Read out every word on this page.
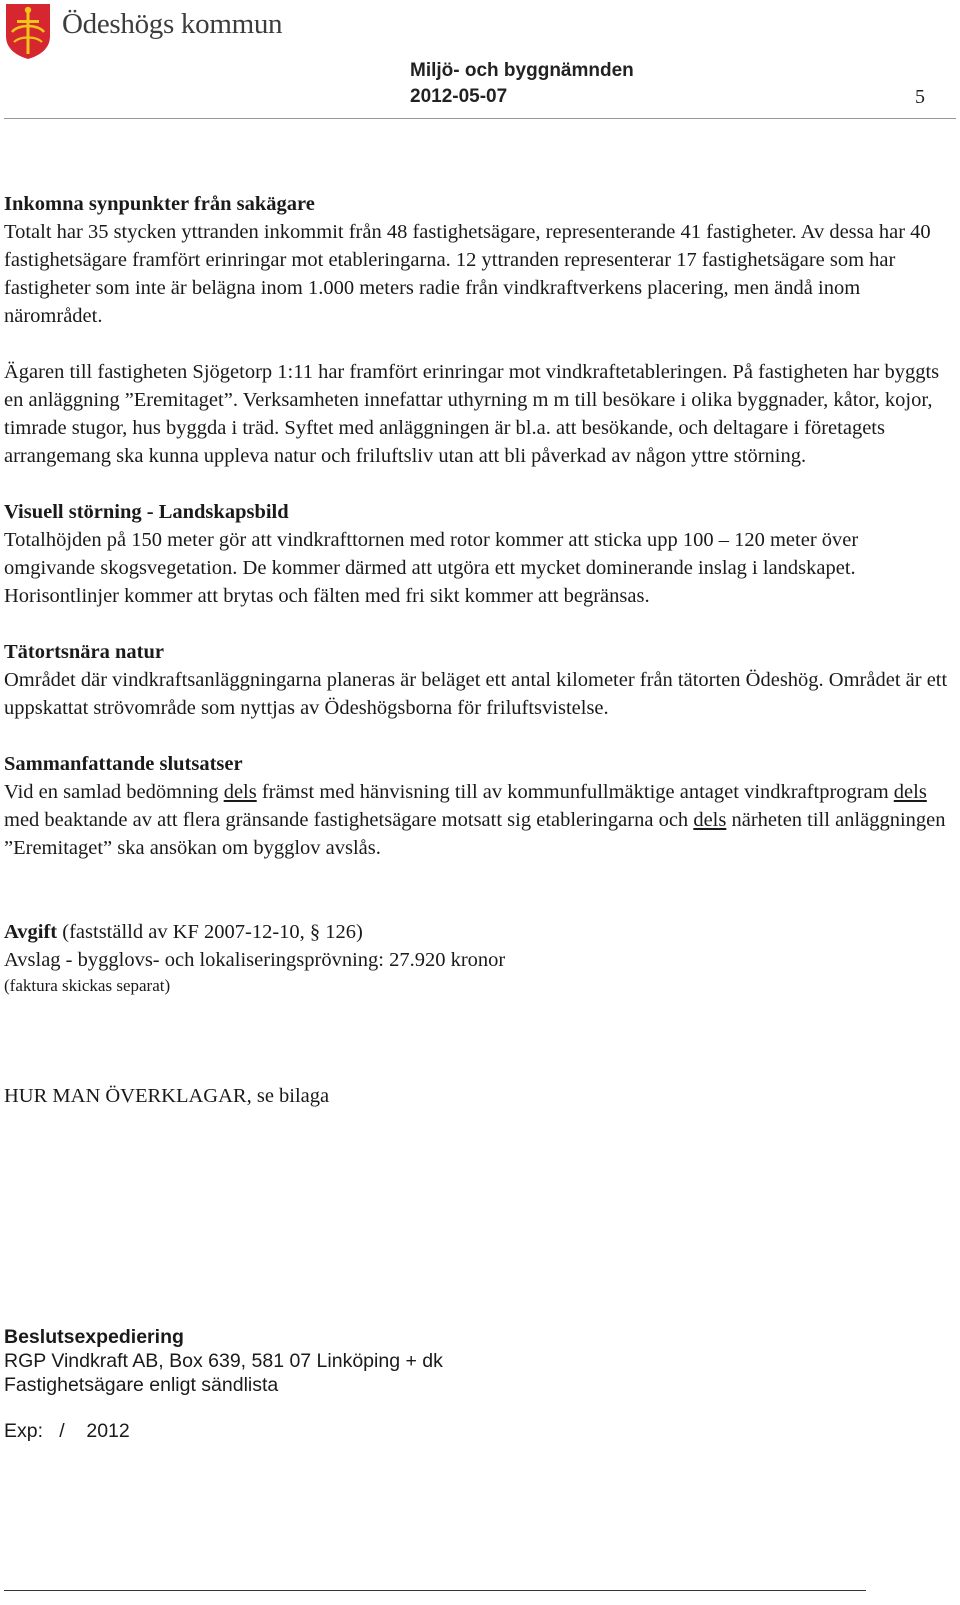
Ödeshögs kommun
Miljö- och byggnämnden
2012-05-07	5

Inkomna synpunkter från sakägare

Totalt har 35 stycken yttranden inkommit från 48 fastighetsägare, representerande 41 fastigheter. Av dessa har 40 fastighetsägare framfört erinringar mot etableringarna. 12 yttranden representerar 17 fastighetsägare som har fastigheter som inte är belägna inom 1.000 meters radie från vindkraftverkens placering, men ändå inom närområdet.

Ägaren till fastigheten Sjögetorp 1:11 har framfört erinringar mot vindkraftetableringen. På fastigheten har byggts en anläggning ”Eremitaget”. Verksamheten innefattar uthyrning m m till besökare i olika byggnader, kåtor, kojor, timrade stugor, hus byggda i träd. Syftet med anläggningen är bl.a. att besökande, och deltagare i företagets arrangemang ska kunna uppleva natur och friluftsliv utan att bli påverkad av någon yttre störning.

Visuell störning - Landskapsbild

Totalhöjden på 150 meter gör att vindkrafttornen med rotor kommer att sticka upp 100 – 120 meter över omgivande skogsvegetation. De kommer därmed att utgöra ett mycket dominerande inslag i landskapet. Horisontlinjer kommer att brytas och fälten med fri sikt kommer att begränsas.

Tätortsnära natur

Området där vindkraftsanläggningarna planeras är beläget ett antal kilometer från tätorten Ödeshög. Området är ett uppskattat strövområde som nyttjas av Ödeshögsborna för friluftsvistelse.

Sammanfattande slutsatser

Vid en samlad bedömning dels främst med hänvisning till av kommunfullmäktige antaget vindkraftprogram dels med beaktande av att flera gränsande fastighetsägare motsatt sig etableringarna och dels närheten till anläggningen ”Eremitaget” ska ansökan om bygglov avslås.

Avgift (fastställd av KF 2007-12-10, § 126)

Avslag - bygglovs- och lokaliseringsprövning: 27.920 kronor

(faktura skickas separat)

HUR MAN ÖVERKLAGAR, se bilaga

Beslutsexpediering

RGP Vindkraft AB, Box 639, 581 07 Linköping + dk

Fastighetsägare enligt sändlista

Exp:   /    2012
